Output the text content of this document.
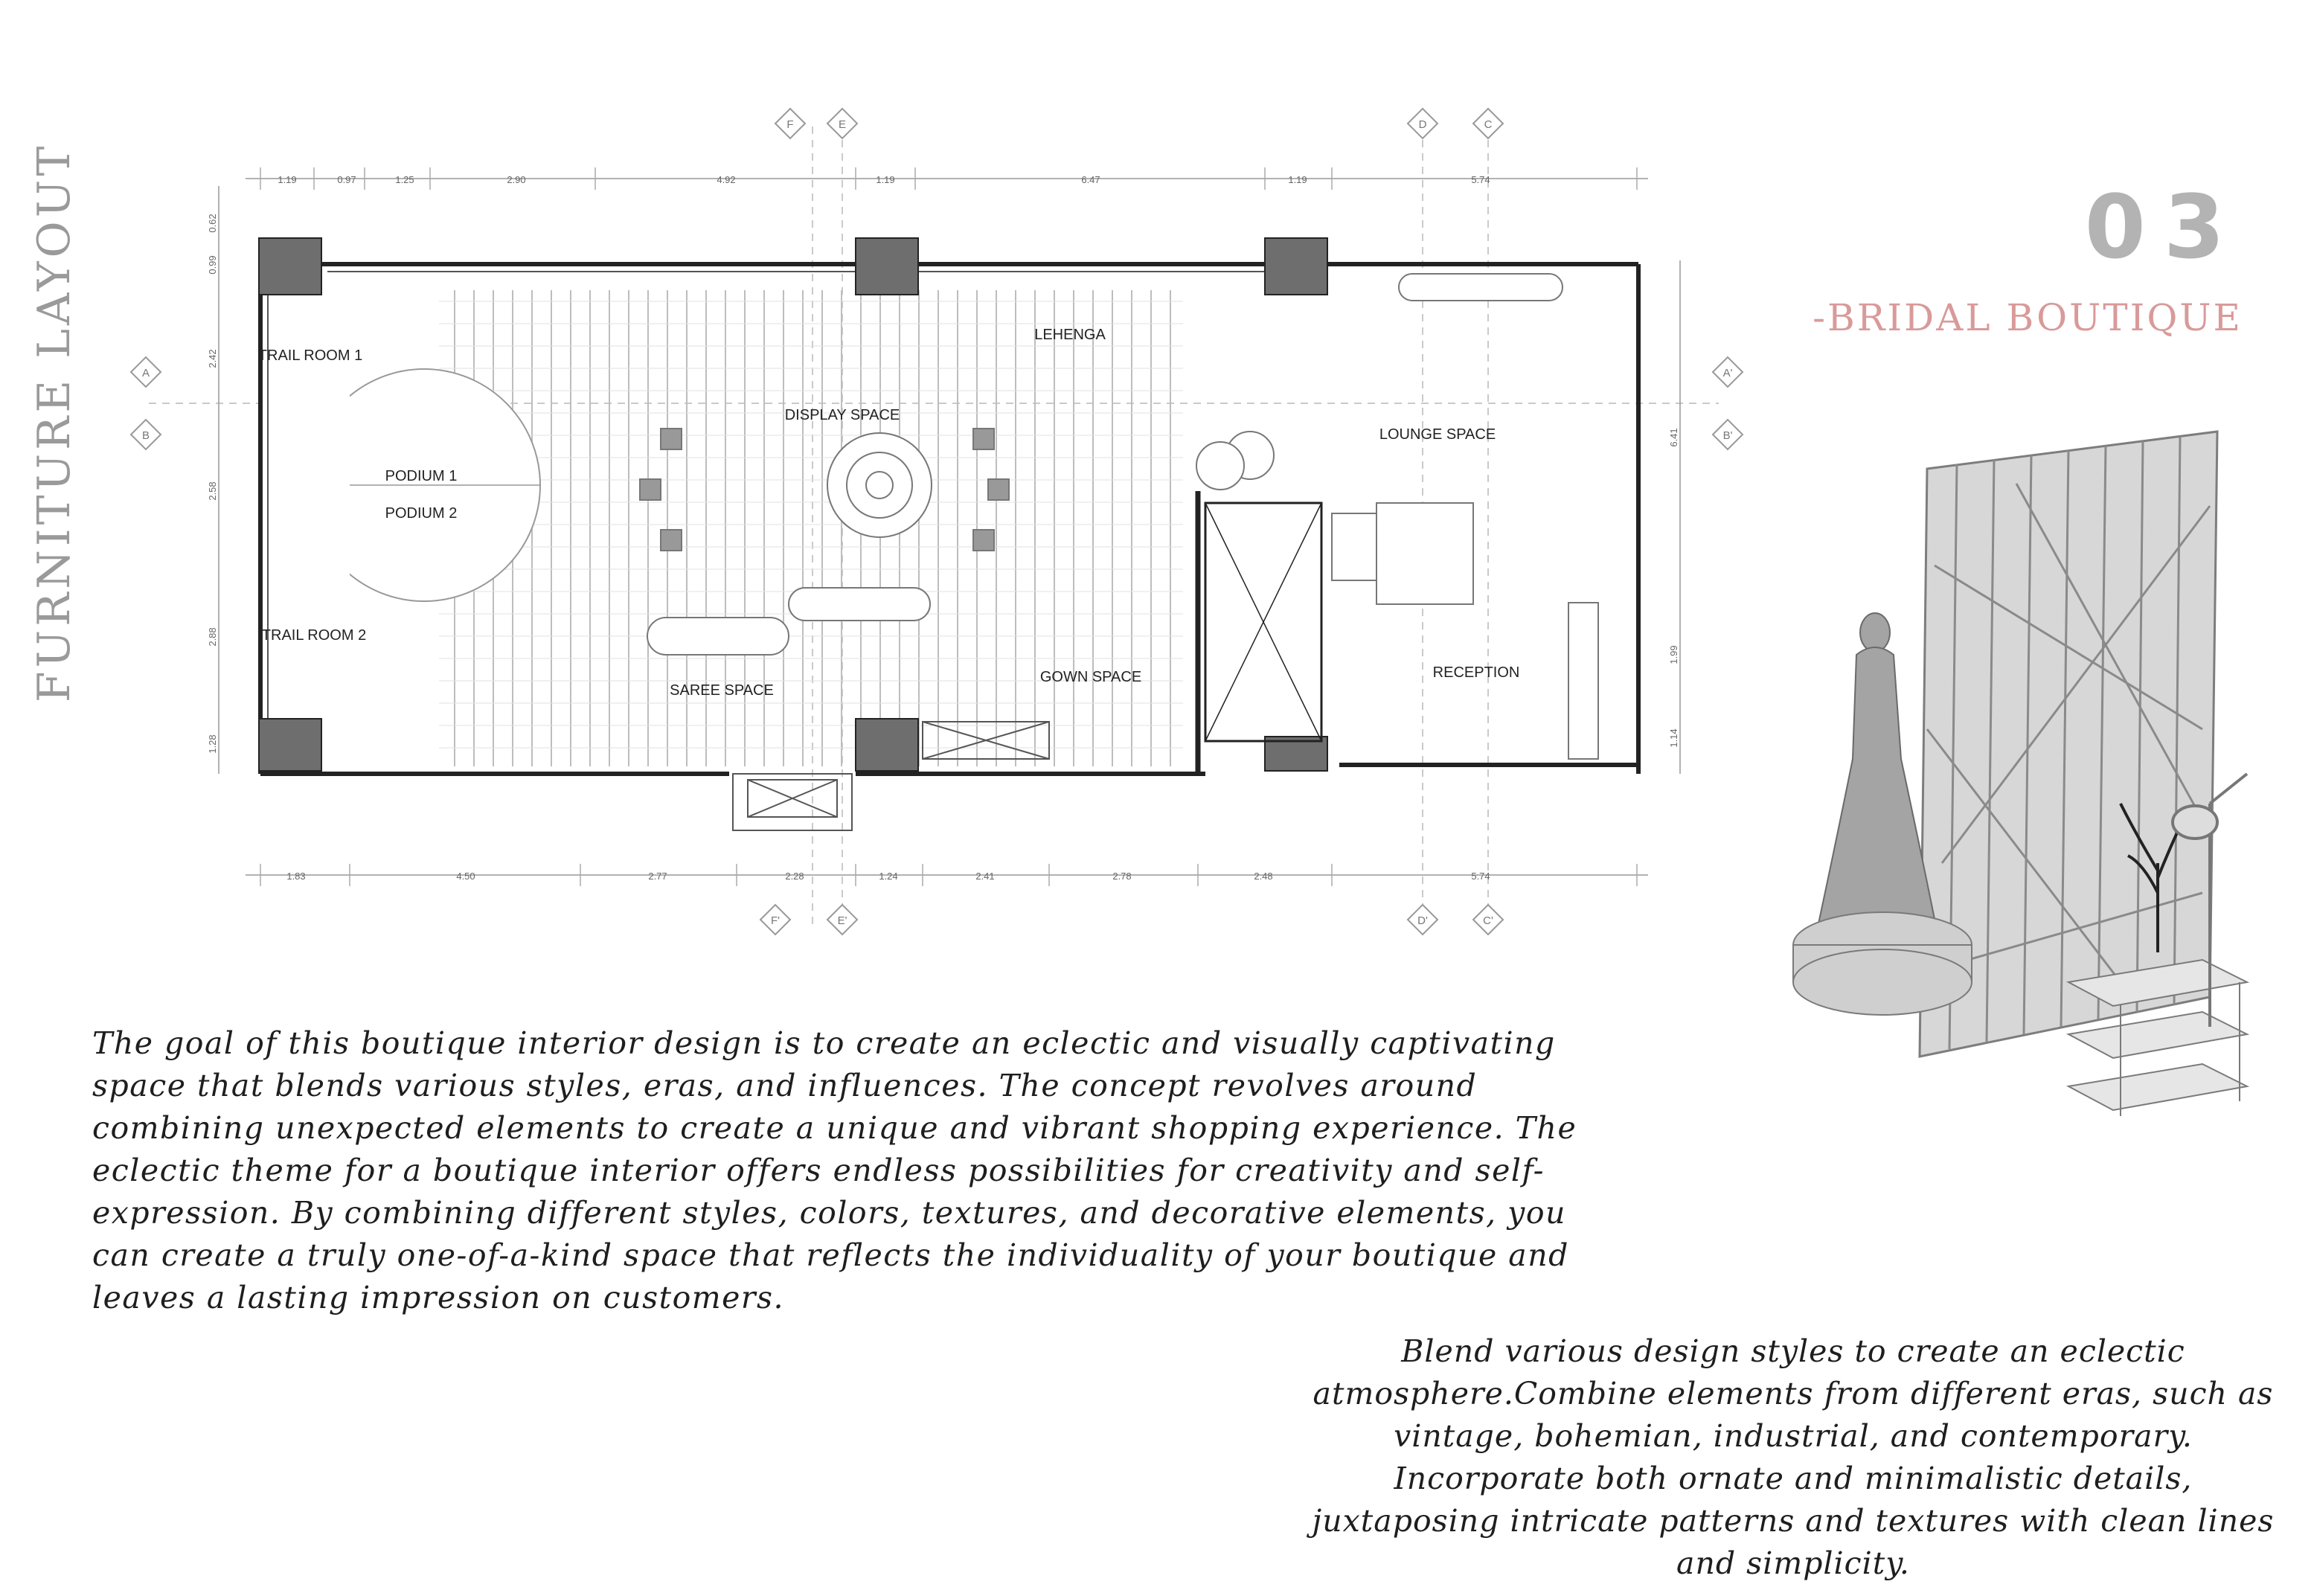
FURNITURE LAYOUT	03
-BRIDAL BOUTIQUE
1.19	0.97	1.25	2.90	4.92	1.19	6.47	1.19	5.74
1.83	4.50	2.77	2.28	1.24	2.41	2.78	2.48	5.74
0.62
0.99
2.42
2.58
2.88
1.28
6.41
1.99
1.14
F	E	D	C
F'	E'	D'	C'
A
B
A'
B'
TRAIL ROOM 1
TRAIL ROOM 2
PODIUM 1
PODIUM 2
DISPLAY SPACE
LEHENGA
LOUNGE SPACE
SAREE SPACE
GOWN SPACE	RECEPTION

The goal of this boutique interior design is to create an eclectic and visually captivating space that blends various styles, eras, and influences. The concept revolves around combining unexpected elements to create a unique and vibrant shopping experience. The eclectic theme for a boutique interior offers endless possibilities for creativity and self-expression. By combining different styles, colors, textures, and decorative elements, you can create a truly one-of-a-kind space that reflects the individuality of your boutique and leaves a lasting impression on customers.

Blend various design styles to create an eclectic atmosphere.Combine elements from different eras, such as vintage, bohemian, industrial, and contemporary. Incorporate both ornate and minimalistic details, juxtaposing intricate patterns and textures with clean lines and simplicity.
